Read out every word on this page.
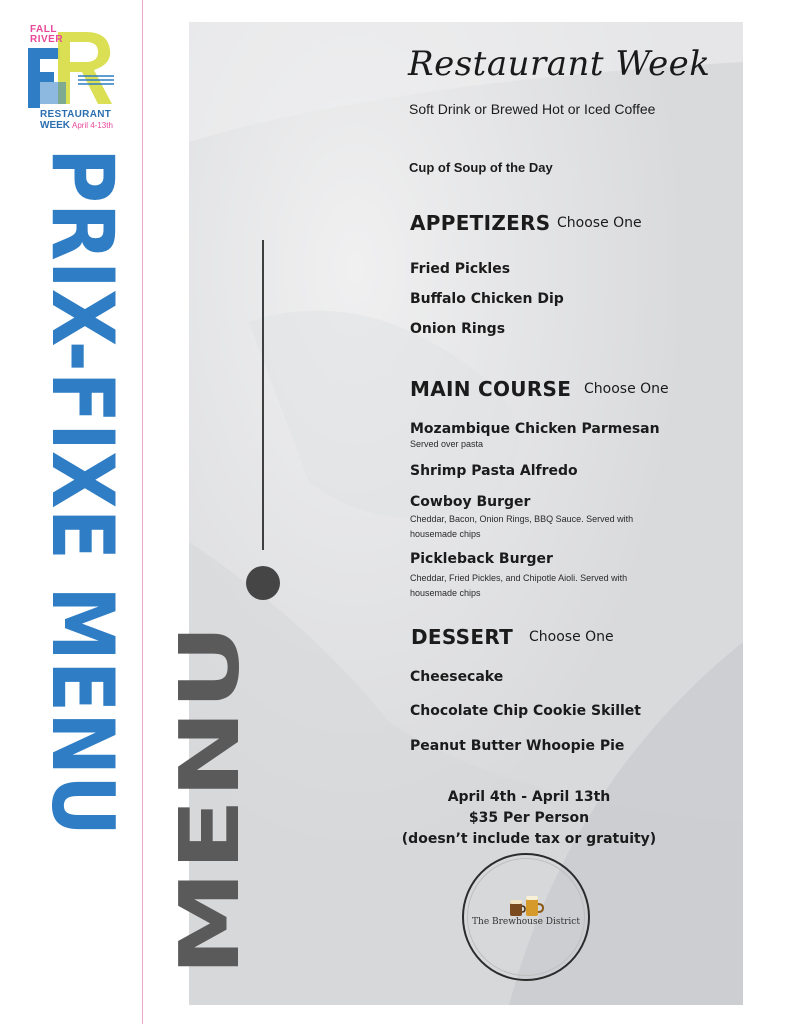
FALL
RIVER
RESTAURANT
WEEK April 4-13th
PRIX-FIXE MENU MENU
Restaurant Week
Soft Drink or Brewed Hot or Iced Coffee
Cup of Soup of the Day
APPETIZERS Choose One
Fried Pickles
Buffalo Chicken Dip
Onion Rings
MAIN COURSE Choose One
Mozambique Chicken Parmesan
Served over pasta
Shrimp Pasta Alfredo
Cowboy Burger
Cheddar, Bacon, Onion Rings, BBQ Sauce. Served with housemade chips
Pickleback Burger
Cheddar, Fried Pickles, and Chipotle Aioli. Served with housemade chips
DESSERT Choose One
Cheesecake
Chocolate Chip Cookie Skillet
Peanut Butter Whoopie Pie
April 4th - April 13th
$35 Per Person
(doesn’t include tax or gratuity)
The Brewhouse District
